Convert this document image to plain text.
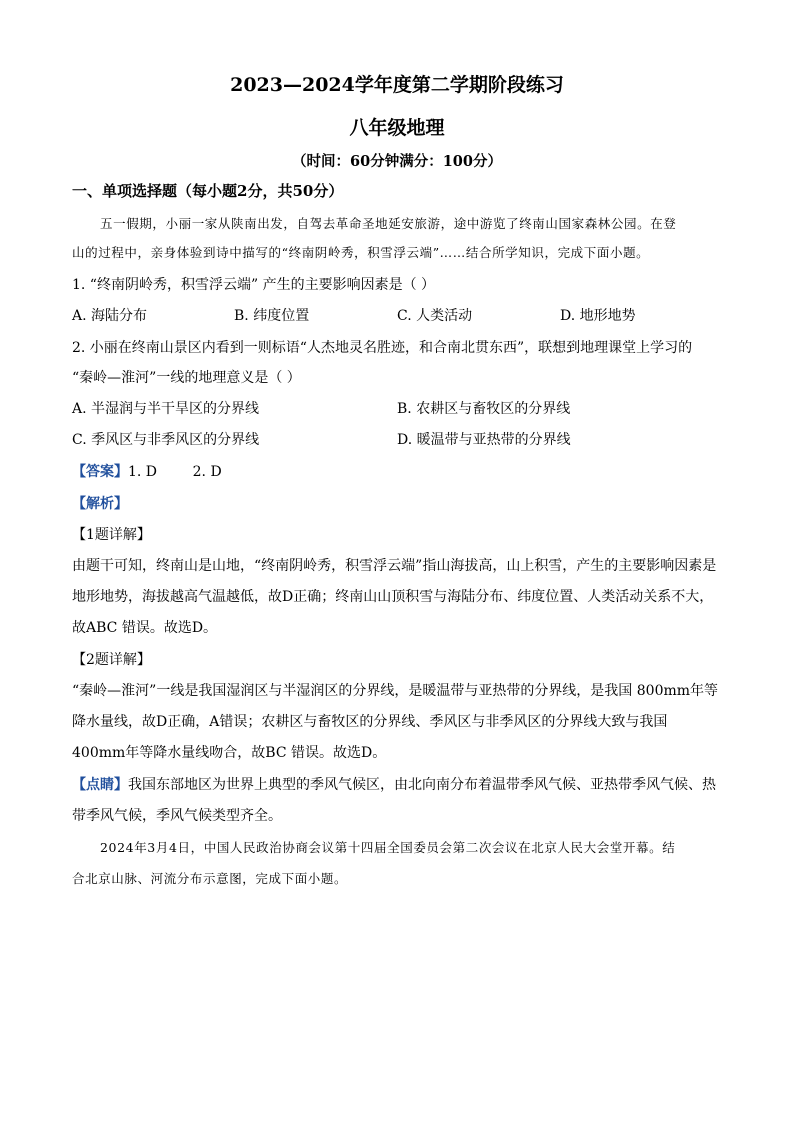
2023—2024学年度第二学期阶段练习
八年级地理
（时间：60分钟满分：100分）
一、单项选择题（每小题2分，共50分）
五一假期，小丽一家从陕南出发，自驾去革命圣地延安旅游，途中游览了终南山国家森林公园。在登
山的过程中，亲身体验到诗中描写的“终南阴岭秀，积雪浮云端”……结合所学知识，完成下面小题。
1. “终南阴岭秀，积雪浮云端” 产生的主要影响因素是（ ）
A. 海陆分布	B. 纬度位置	C. 人类活动	D. 地形地势
2. 小丽在终南山景区内看到一则标语“人杰地灵名胜迹，和合南北贯东西”，联想到地理课堂上学习的
“秦岭—淮河”一线的地理意义是（ ）
A. 半湿润与半干旱区的分界线	B. 农耕区与畜牧区的分界线
C. 季风区与非季风区的分界线	D. 暖温带与亚热带的分界线
【答案】1. D        2. D
【解析】
【1题详解】
由题干可知，终南山是山地，“终南阴岭秀，积雪浮云端”指山海拔高，山上积雪，产生的主要影响因素是
地形地势，海拔越高气温越低，故D正确；终南山山顶积雪与海陆分布、纬度位置、人类活动关系不大，
故ABC 错误。故选D。
【2题详解】
“秦岭—淮河”一线是我国湿润区与半湿润区的分界线，是暖温带与亚热带的分界线，是我国 800mm年等
降水量线，故D正确，A错误；农耕区与畜牧区的分界线、季风区与非季风区的分界线大致与我国
400mm年等降水量线吻合，故BC 错误。故选D。
【点睛】我国东部地区为世界上典型的季风气候区，由北向南分布着温带季风气候、亚热带季风气候、热
带季风气候，季风气候类型齐全。
2024年3月4日，中国人民政治协商会议第十四届全国委员会第二次会议在北京人民大会堂开幕。结
合北京山脉、河流分布示意图，完成下面小题。
